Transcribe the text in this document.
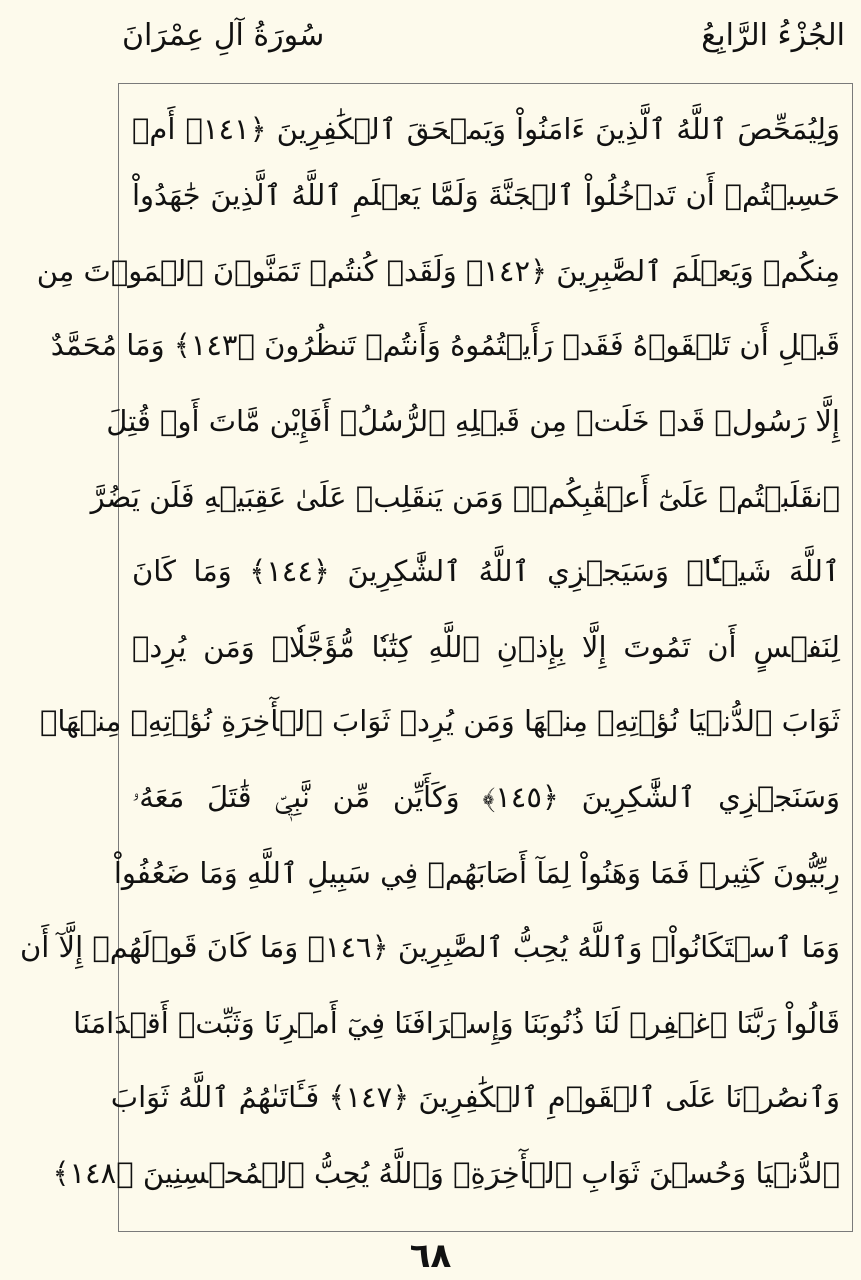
الجُزْءُ الرَّابِعُ
سُورَةُ آلِ عِمْرَانَ
وَلِيُمَحِّصَ ٱللَّهُ ٱلَّذِينَ ءَامَنُواْ وَيَمۡحَقَ ٱلۡكَٰفِرِينَ ﴿١٤١﴾ أَمۡ
حَسِبۡتُمۡ أَن تَدۡخُلُواْ ٱلۡجَنَّةَ وَلَمَّا يَعۡلَمِ ٱللَّهُ ٱلَّذِينَ جَٰهَدُواْ
مِنكُمۡ وَيَعۡلَمَ ٱلصَّٰبِرِينَ ﴿١٤٢﴾ وَلَقَدۡ كُنتُمۡ تَمَنَّوۡنَ ٱلۡمَوۡتَ مِن
قَبۡلِ أَن تَلۡقَوۡهُ فَقَدۡ رَأَيۡتُمُوهُ وَأَنتُمۡ تَنظُرُونَ ﴿١٤٣﴾ وَمَا مُحَمَّدٌ
إِلَّا رَسُولٞ قَدۡ خَلَتۡ مِن قَبۡلِهِ ٱلرُّسُلُۚ أَفَإِيْن مَّاتَ أَوۡ قُتِلَ
ٱنقَلَبۡتُمۡ عَلَىٰٓ أَعۡقَٰبِكُمۡۚ وَمَن يَنقَلِبۡ عَلَىٰ عَقِبَيۡهِ فَلَن يَضُرَّ
ٱللَّهَ شَيۡـٔٗاۗ وَسَيَجۡزِي ٱللَّهُ ٱلشَّٰكِرِينَ ﴿١٤٤﴾ وَمَا كَانَ
لِنَفۡسٍ أَن تَمُوتَ إِلَّا بِإِذۡنِ ٱللَّهِ كِتَٰبٗا مُّؤَجَّلٗاۗ وَمَن يُرِدۡ
ثَوَابَ ٱلدُّنۡيَا نُؤۡتِهِۦ مِنۡهَا وَمَن يُرِدۡ ثَوَابَ ٱلۡأٓخِرَةِ نُؤۡتِهِۦ مِنۡهَاۚ
وَسَنَجۡزِي ٱلشَّٰكِرِينَ ﴿١٤٥﴾ وَكَأَيِّن مِّن نَّبِيّٖ قَٰتَلَ مَعَهُۥ
رِبِّيُّونَ كَثِيرٞ فَمَا وَهَنُواْ لِمَآ أَصَابَهُمۡ فِي سَبِيلِ ٱللَّهِ وَمَا ضَعُفُواْ
وَمَا ٱسۡتَكَانُواْۗ وَٱللَّهُ يُحِبُّ ٱلصَّٰبِرِينَ ﴿١٤٦﴾ وَمَا كَانَ قَوۡلَهُمۡ إِلَّآ أَن
قَالُواْ رَبَّنَا ٱغۡفِرۡ لَنَا ذُنُوبَنَا وَإِسۡرَافَنَا فِيٓ أَمۡرِنَا وَثَبِّتۡ أَقۡدَامَنَا
وَٱنصُرۡنَا عَلَى ٱلۡقَوۡمِ ٱلۡكَٰفِرِينَ ﴿١٤٧﴾ فَـَٔاتَىٰهُمُ ٱللَّهُ ثَوَابَ
ٱلدُّنۡيَا وَحُسۡنَ ثَوَابِ ٱلۡأٓخِرَةِۗ وَٱللَّهُ يُحِبُّ ٱلۡمُحۡسِنِينَ ﴿١٤٨﴾
٦٨
